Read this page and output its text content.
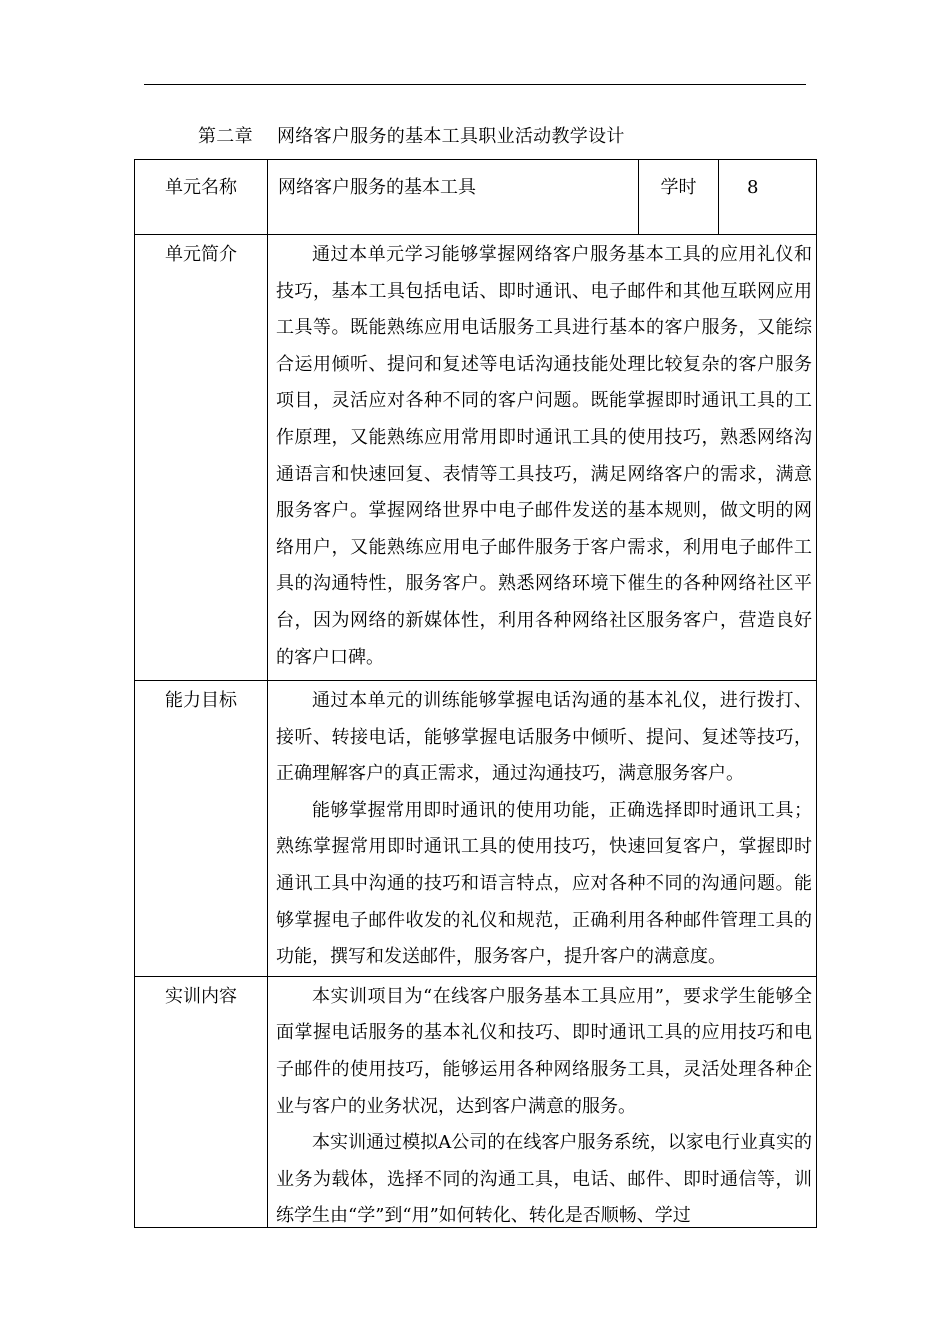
第二章    网络客户服务的基本工具职业活动教学设计
单元名称	网络客户服务的基本工具	学时	8
单元简介	通过本单元学习能够掌握网络客户服务基本工具的应用礼仪和技巧，基本工具包括电话、即时通讯、电子邮件和其他互联网应用工具等。既能熟练应用电话服务工具进行基本的客户服务，又能综合运用倾听、提问和复述等电话沟通技能处理比较复杂的客户服务项目，灵活应对各种不同的客户问题。既能掌握即时通讯工具的工作原理，又能熟练应用常用即时通讯工具的使用技巧，熟悉网络沟通语言和快速回复、表情等工具技巧，满足网络客户的需求，满意服务客户。掌握网络世界中电子邮件发送的基本规则，做文明的网络用户，又能熟练应用电子邮件服务于客户需求，利用电子邮件工具的沟通特性，服务客户。熟悉网络环境下催生的各种网络社区平台，因为网络的新媒体性，利用各种网络社区服务客户，营造良好的客户口碑。		

能力目标	通过本单元的训练能够掌握电话沟通的基本礼仪，进行拨打、接听、转接电话，能够掌握电话服务中倾听、提问、复述等技巧，正确理解客户的真正需求，通过沟通技巧，满意服务客户。

能够掌握常用即时通讯的使用功能，正确选择即时通讯工具；熟练掌握常用即时通讯工具的使用技巧，快速回复客户，掌握即时通讯工具中沟通的技巧和语言特点，应对各种不同的沟通问题。能够掌握电子邮件收发的礼仪和规范，正确利用各种邮件管理工具的功能，撰写和发送邮件，服务客户，提升客户的满意度。		

实训内容	本实训项目为“在线客户服务基本工具应用”，要求学生能够全面掌握电话服务的基本礼仪和技巧、即时通讯工具的应用技巧和电子邮件的使用技巧，能够运用各种网络服务工具，灵活处理各种企业与客户的业务状况，达到客户满意的服务。

本实训通过模拟A公司的在线客户服务系统，以家电行业真实的业务为载体，选择不同的沟通工具，电话、邮件、即时通信等，训练学生由“学”到“用”如何转化、转化是否顺畅、学过		
